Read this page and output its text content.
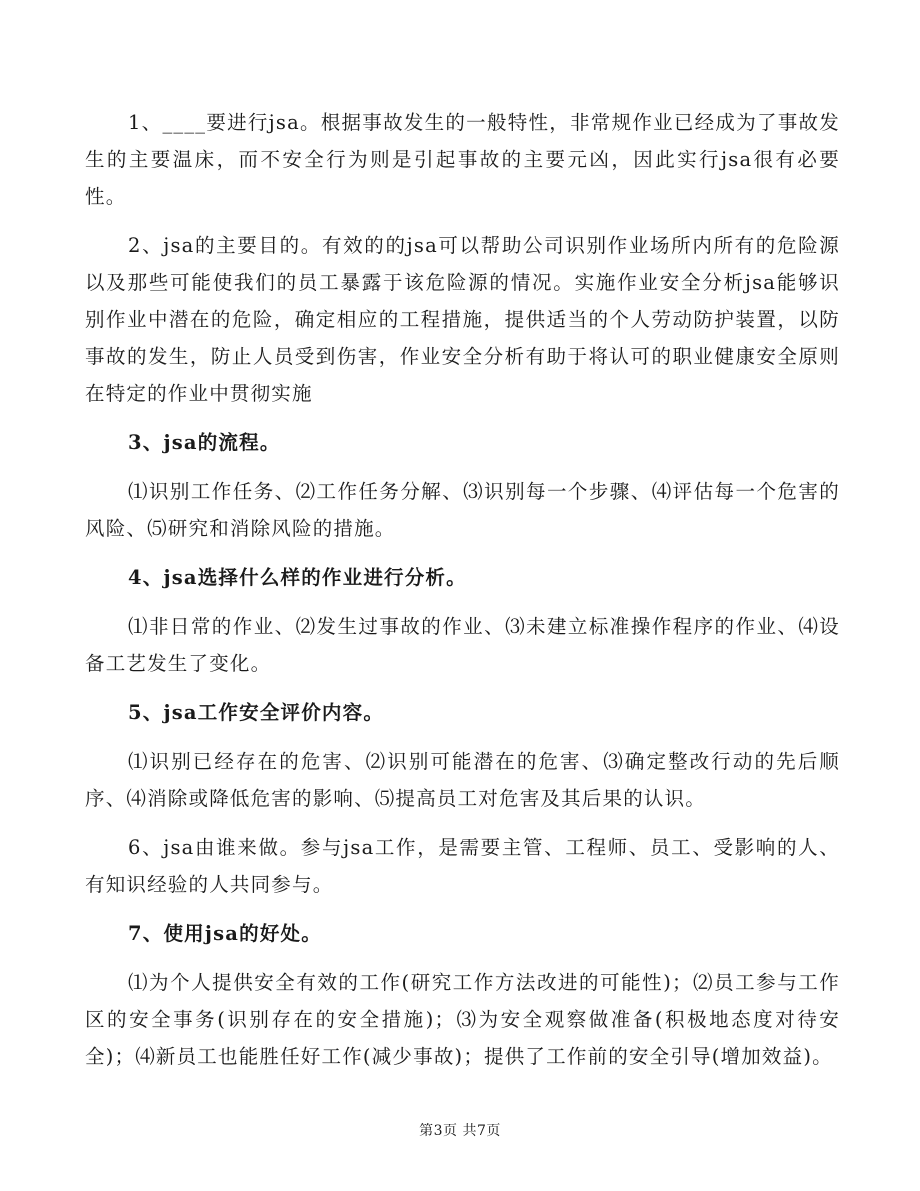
1、____要进行jsa。根据事故发生的一般特性，非常规作业已经成为了事故发生的主要温床，而不安全行为则是引起事故的主要元凶，因此实行jsa很有必要性。

2、jsa的主要目的。有效的的jsa可以帮助公司识别作业场所内所有的危险源以及那些可能使我们的员工暴露于该危险源的情况。实施作业安全分析jsa能够识别作业中潜在的危险，确定相应的工程措施，提供适当的个人劳动防护装置，以防事故的发生，防止人员受到伤害，作业安全分析有助于将认可的职业健康安全原则在特定的作业中贯彻实施

3、jsa的流程。

⑴识别工作任务、⑵工作任务分解、⑶识别每一个步骤、⑷评估每一个危害的风险、⑸研究和消除风险的措施。

4、jsa选择什么样的作业进行分析。

⑴非日常的作业、⑵发生过事故的作业、⑶未建立标准操作程序的作业、⑷设备工艺发生了变化。

5、jsa工作安全评价内容。

⑴识别已经存在的危害、⑵识别可能潜在的危害、⑶确定整改行动的先后顺序、⑷消除或降低危害的影响、⑸提高员工对危害及其后果的认识。

6、jsa由谁来做。参与jsa工作，是需要主管、工程师、员工、受影响的人、有知识经验的人共同参与。

7、使用jsa的好处。

⑴为个人提供安全有效的工作(研究工作方法改进的可能性)；⑵员工参与工作区的安全事务(识别存在的安全措施)；⑶为安全观察做准备(积极地态度对待安全)；⑷新员工也能胜任好工作(减少事故)；提供了工作前的安全引导(增加效益)。

第3页 共7页
